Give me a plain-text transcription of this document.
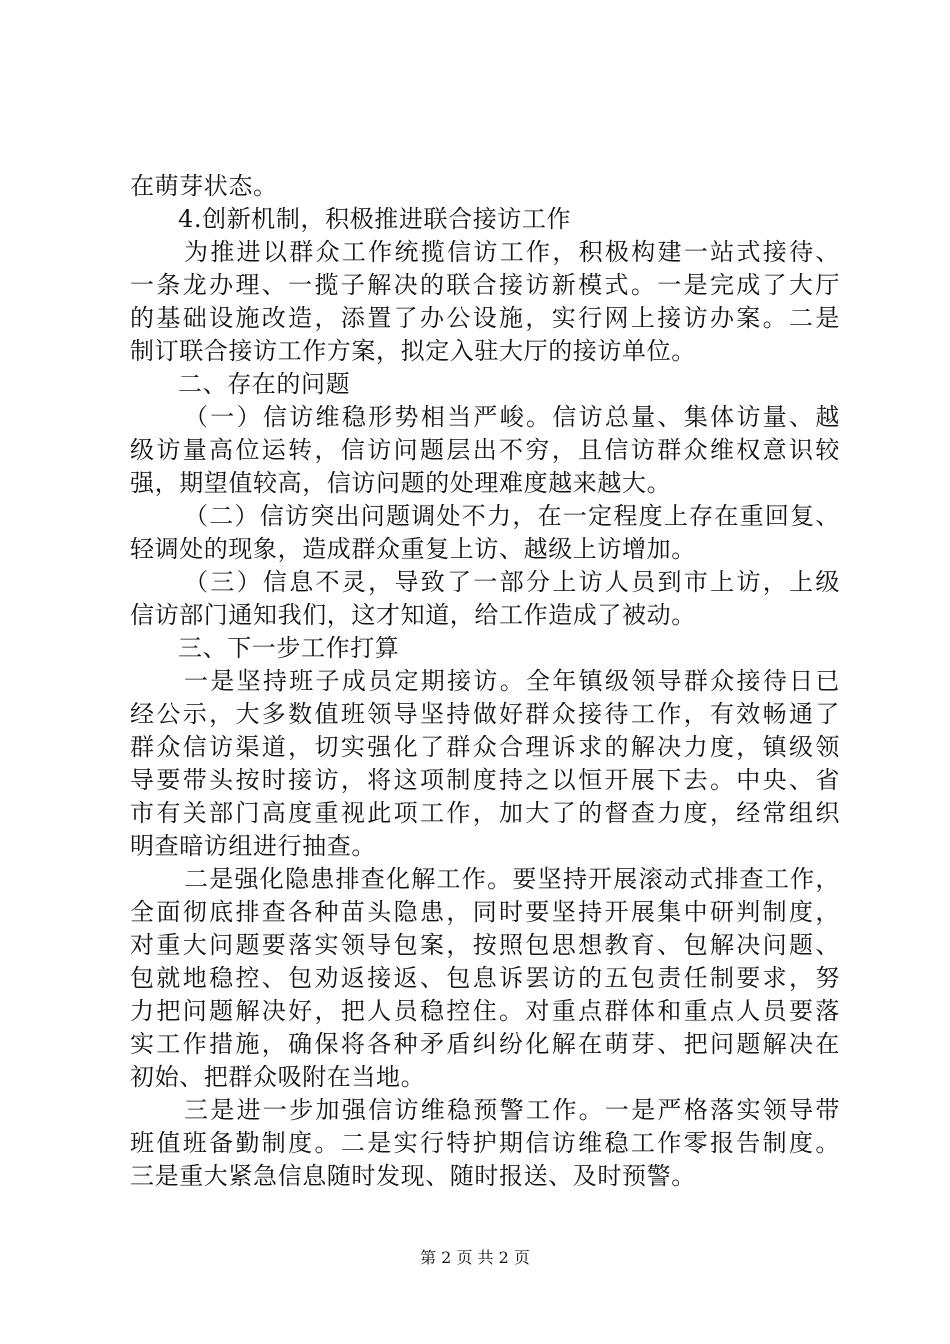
在萌芽状态。
4.创新机制，积极推进联合接访工作
为推进以群众工作统揽信访工作，积极构建一站式接待、
一条龙办理、一揽子解决的联合接访新模式。一是完成了大厅
的基础设施改造，添置了办公设施，实行网上接访办案。二是
制订联合接访工作方案，拟定入驻大厅的接访单位。
二、存在的问题
（一）信访维稳形势相当严峻。信访总量、集体访量、越
级访量高位运转，信访问题层出不穷，且信访群众维权意识较
强，期望值较高，信访问题的处理难度越来越大。
（二）信访突出问题调处不力，在一定程度上存在重回复、
轻调处的现象，造成群众重复上访、越级上访增加。
（三）信息不灵，导致了一部分上访人员到市上访，上级
信访部门通知我们，这才知道，给工作造成了被动。
三、下一步工作打算
一是坚持班子成员定期接访。全年镇级领导群众接待日已
经公示，大多数值班领导坚持做好群众接待工作，有效畅通了
群众信访渠道，切实强化了群众合理诉求的解决力度，镇级领
导要带头按时接访，将这项制度持之以恒开展下去。中央、省
市有关部门高度重视此项工作，加大了的督查力度，经常组织
明查暗访组进行抽查。
二是强化隐患排查化解工作。要坚持开展滚动式排查工作，
全面彻底排查各种苗头隐患，同时要坚持开展集中研判制度，
对重大问题要落实领导包案，按照包思想教育、包解决问题、
包就地稳控、包劝返接返、包息诉罢访的五包责任制要求，努
力把问题解决好，把人员稳控住。对重点群体和重点人员要落
实工作措施，确保将各种矛盾纠纷化解在萌芽、把问题解决在
初始、把群众吸附在当地。
三是进一步加强信访维稳预警工作。一是严格落实领导带
班值班备勤制度。二是实行特护期信访维稳工作零报告制度。
三是重大紧急信息随时发现、随时报送、及时预警。
第 2 页 共 2 页
